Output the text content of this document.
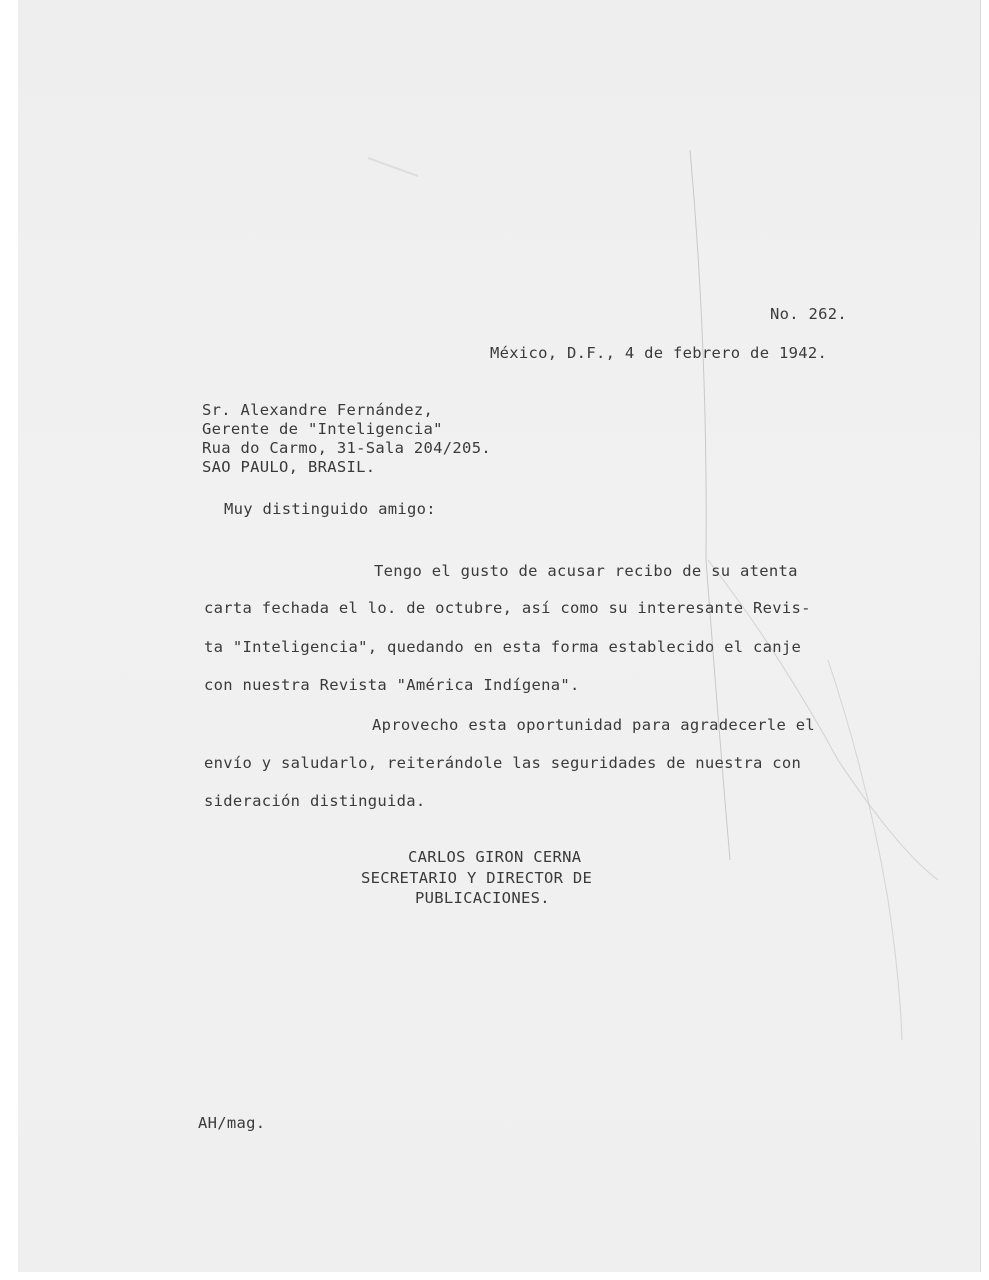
No. 262.
México, D.F., 4 de febrero de 1942.
Sr. Alexandre Fernández,
Gerente de "Inteligencia"
Rua do Carmo, 31-Sala 204/205.
SAO PAULO, BRASIL.
Muy distinguido amigo:
Tengo el gusto de acusar recibo de su atenta
carta fechada el lo. de octubre, así como su interesante Revis-
ta "Inteligencia", quedando en esta forma establecido el canje
con nuestra Revista "América Indígena".
Aprovecho esta oportunidad para agradecerle el
envío y saludarlo, reiterándole las seguridades de nuestra con
sideración distinguida.
CARLOS GIRON CERNA
SECRETARIO Y DIRECTOR DE
PUBLICACIONES.
AH/mag.
